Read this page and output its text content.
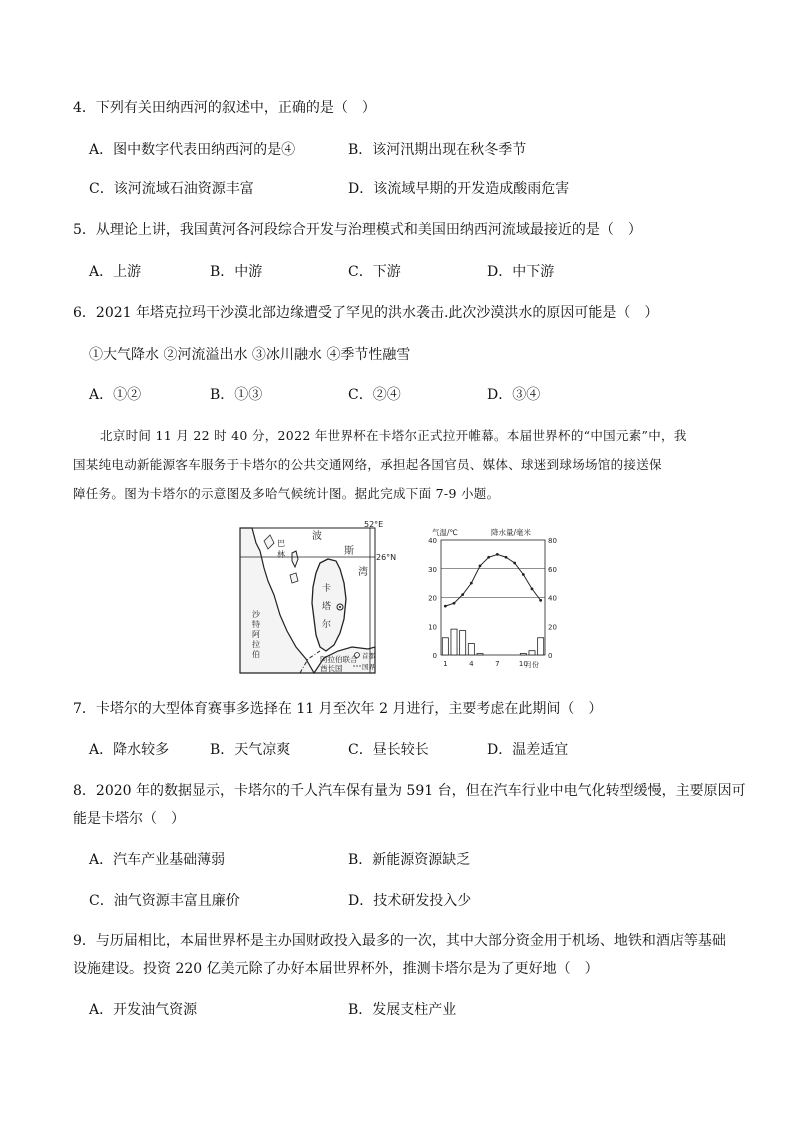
4．下列有关田纳西河的叙述中，正确的是（　）
A．图中数字代表田纳西河的是④	B．该河汛期出现在秋冬季节
C．该河流域石油资源丰富	D．该流域早期的开发造成酸雨危害
5．从理论上讲，我国黄河各河段综合开发与治理模式和美国田纳西河流域最接近的是（　）
A．上游	B．中游	C．下游	D．中下游
6．2021 年塔克拉玛干沙漠北部边缘遭受了罕见的洪水袭击.此次沙漠洪水的原因可能是（　）
①大气降水 ②河流溢出水 ③冰川融水 ④季节性融雪
A．①②	B．①③	C．②④	D．③④
北京时间 11 月 22 时 40 分，2022 年世界杯在卡塔尔正式拉开帷幕。本届世界杯的“中国元素”中，我
国某纯电动新能源客车服务于卡塔尔的公共交通网络，承担起各国官员、媒体、球迷到球场场馆的接送保
障任务。图为卡塔尔的示意图及多哈气候统计图。据此完成下面 7-9 小题。
52°E
26°N
巴
林
波
斯
湾
卡
塔
尔
沙
特
阿
拉
伯
阿拉伯联合
酋长国
首都
国界
气温/℃	降水量/毫米
0
10
20
30
40
0
20
40
60
80
1	4	7	10
月份
7．卡塔尔的大型体育赛事多选择在 11 月至次年 2 月进行，主要考虑在此期间（　）
A．降水较多	B．天气凉爽	C．昼长较长	D．温差适宜
8．2020 年的数据显示，卡塔尔的千人汽车保有量为 591 台，但在汽车行业中电气化转型缓慢，主要原因可
能是卡塔尔（　）
A．汽车产业基础薄弱	B．新能源资源缺乏
C．油气资源丰富且廉价	D．技术研发投入少
9．与历届相比，本届世界杯是主办国财政投入最多的一次，其中大部分资金用于机场、地铁和酒店等基础
设施建设。投资 220 亿美元除了办好本届世界杯外，推测卡塔尔是为了更好地（　）
A．开发油气资源	B．发展支柱产业
